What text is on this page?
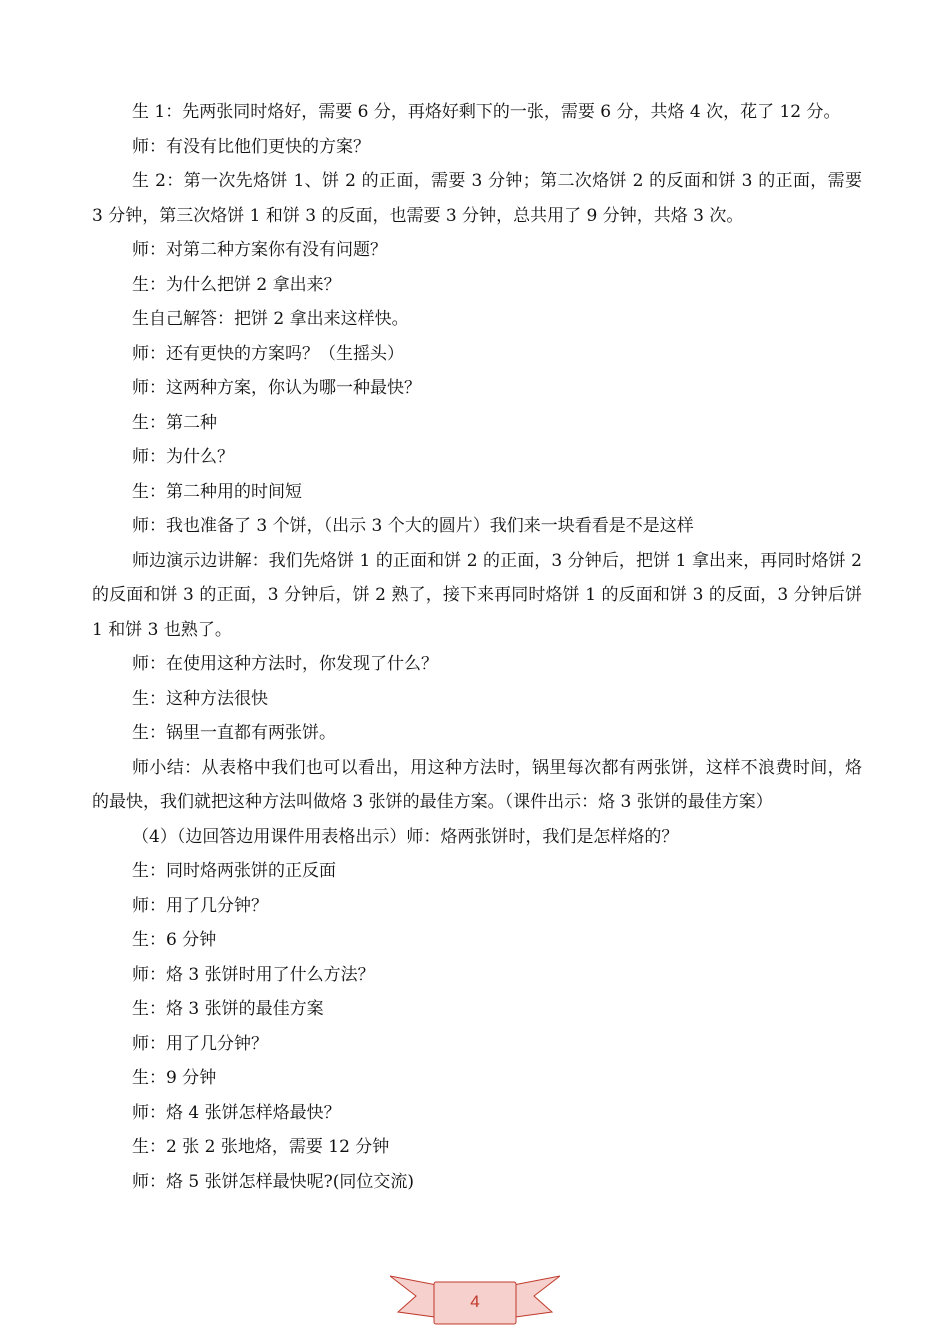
生 1：先两张同时烙好，需要 6 分，再烙好剩下的一张，需要 6 分，共烙 4 次，花了 12 分。

师：有没有比他们更快的方案？

生 2：第一次先烙饼 1、饼 2 的正面，需要 3 分钟；第二次烙饼 2 的反面和饼 3 的正面，需要 3 分钟，第三次烙饼 1 和饼 3 的反面，也需要 3 分钟，总共用了 9 分钟，共烙 3 次。

师：对第二种方案你有没有问题？

生：为什么把饼 2 拿出来？

生自己解答：把饼 2 拿出来这样快。

师：还有更快的方案吗？（生摇头）

师：这两种方案，你认为哪一种最快？

生：第二种

师：为什么？

生：第二种用的时间短

师：我也准备了 3 个饼，（出示 3 个大的圆片）我们来一块看看是不是这样

师边演示边讲解：我们先烙饼 1 的正面和饼 2 的正面，3 分钟后，把饼 1 拿出来，再同时烙饼 2 的反面和饼 3 的正面，3 分钟后，饼 2 熟了，接下来再同时烙饼 1 的反面和饼 3 的反面，3 分钟后饼 1 和饼 3 也熟了。

师：在使用这种方法时，你发现了什么？

生：这种方法很快

生：锅里一直都有两张饼。

师小结：从表格中我们也可以看出，用这种方法时，锅里每次都有两张饼，这样不浪费时间，烙的最快，我们就把这种方法叫做烙 3 张饼的最佳方案。（课件出示：烙 3 张饼的最佳方案）

（4）（边回答边用课件用表格出示）师：烙两张饼时，我们是怎样烙的？

生：同时烙两张饼的正反面

师：用了几分钟？

生：6 分钟

师：烙 3 张饼时用了什么方法？

生：烙 3 张饼的最佳方案

师：用了几分钟？

生：9 分钟

师：烙 4 张饼怎样烙最快？

生：2 张 2 张地烙，需要 12 分钟

师：烙 5 张饼怎样最快呢?(同位交流)

4
